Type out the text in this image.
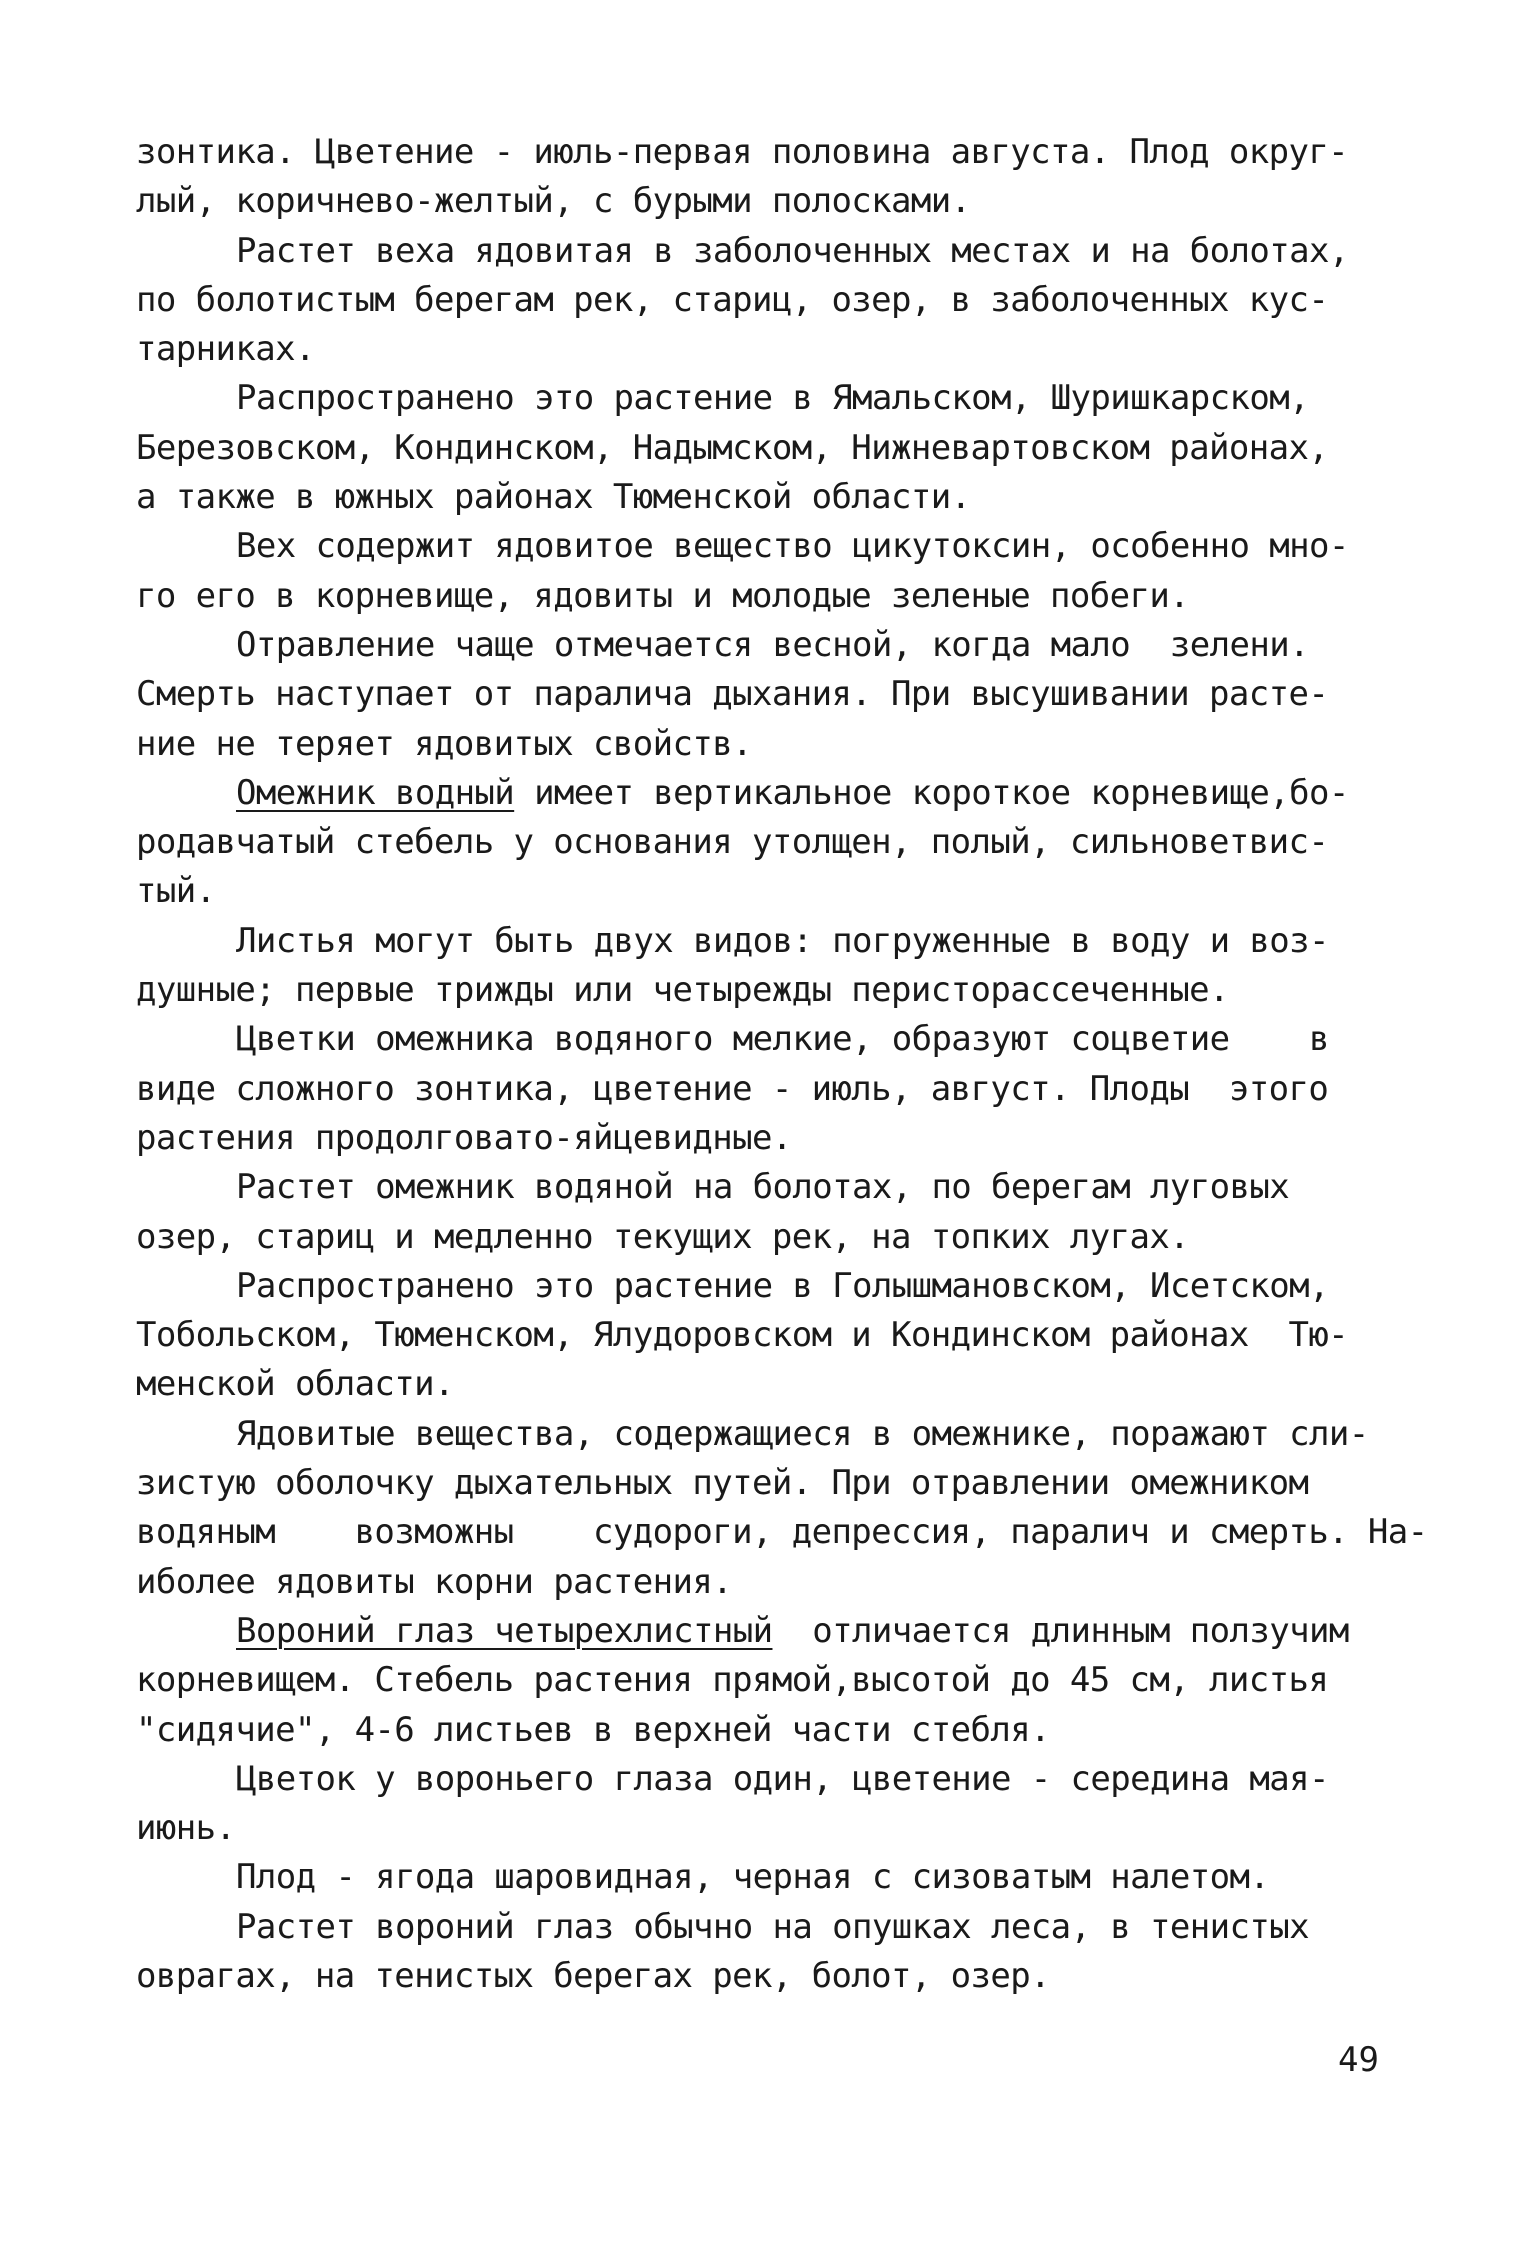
зонтика. Цветение - июль-первая половина августа. Плод округ-
лый, коричнево-желтый, с бурыми полосками.
Растет веха ядовитая в заболоченных местах и на болотах,
по болотистым берегам рек, стариц, озер, в заболоченных кус-
тарниках.
Распространено это растение в Ямальском, Шуришкарском,
Березовском, Кондинском, Надымском, Нижневартовском районах,
а также в южных районах Тюменской области.
Вех содержит ядовитое вещество цикутоксин, особенно мно-
го его в корневище, ядовиты и молодые зеленые побеги.
Отравление чаще отмечается весной, когда мало  зелени.
Смерть наступает от паралича дыхания. При высушивании расте-
ние не теряет ядовитых свойств.
Омежник водный имеет вертикальное короткое корневище,бо-
родавчатый стебель у основания утолщен, полый, сильноветвис-
тый.
Листья могут быть двух видов: погруженные в воду и воз-
душные; первые трижды или четырежды перисторассеченные.
Цветки омежника водяного мелкие, образуют соцветие    в
виде сложного зонтика, цветение - июль, август. Плоды  этого
растения продолговато-яйцевидные.
Растет омежник водяной на болотах, по берегам луговых
озер, стариц и медленно текущих рек, на топких лугах.
Распространено это растение в Голышмановском, Исетском,
Тобольском, Тюменском, Ялудоровском и Кондинском районах  Тю-
менской области.
Ядовитые вещества, содержащиеся в омежнике, поражают сли-
зистую оболочку дыхательных путей. При отравлении омежником
водяным    возможны    судороги, депрессия, паралич и смерть. На-
иболее ядовиты корни растения.
Вороний глаз четырехлистный отличается длинным ползучим
корневищем. Стебель растения прямой,высотой до 45 см, листья
"сидячие", 4-6 листьев в верхней части стебля.
Цветок у вороньего глаза один, цветение - середина мая-
июнь.
Плод - ягода шаровидная, черная с сизоватым налетом.
Растет вороний глаз обычно на опушках леса, в тенистых
оврагах, на тенистых берегах рек, болот, озер.
49
